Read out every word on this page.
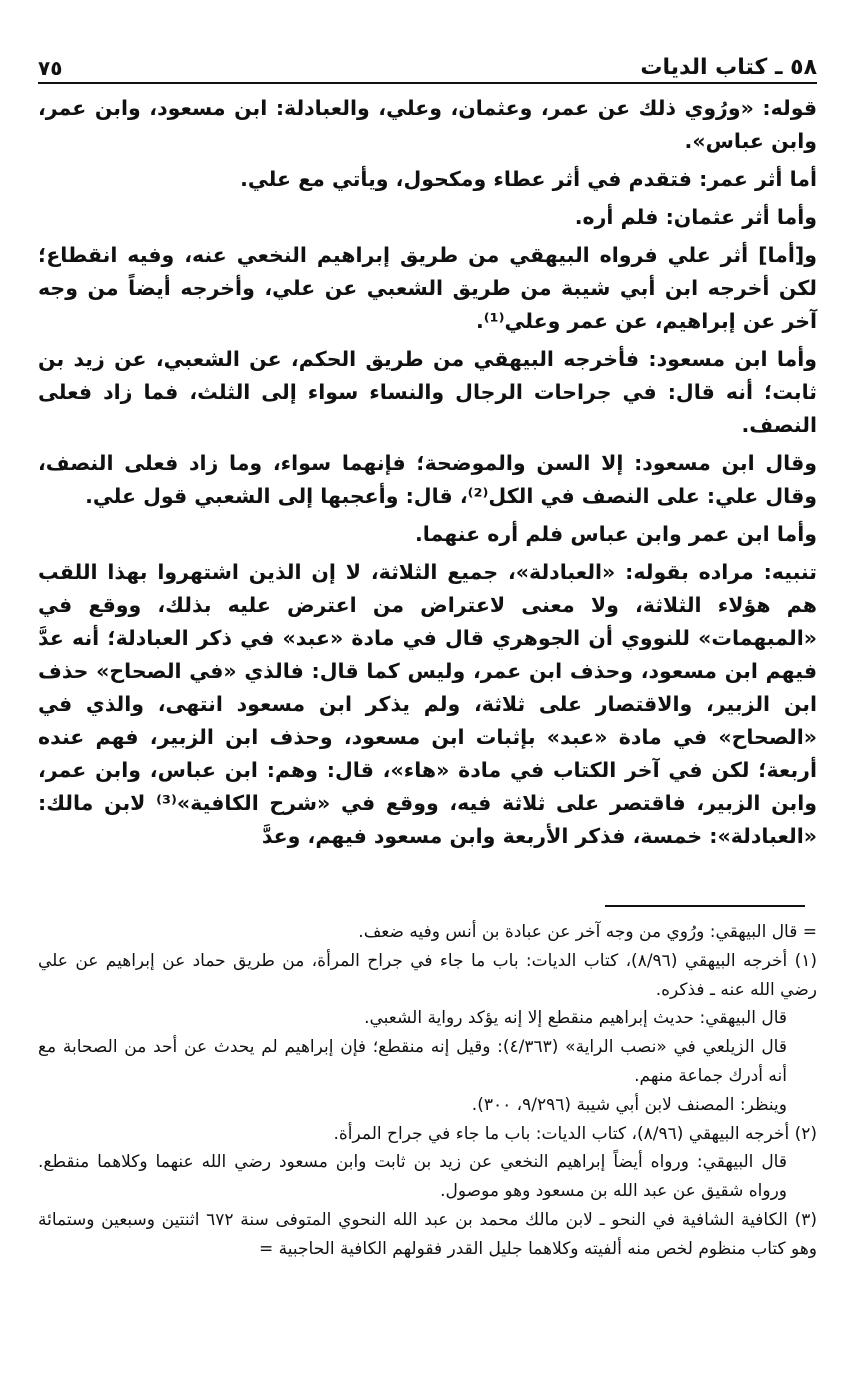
٧٥	٥٨ ـ كتاب الديات

قوله: «ورُوي ذلك عن عمر، وعثمان، وعلي، والعبادلة: ابن مسعود، وابن عمر، وابن عباس».

أما أثر عمر: فتقدم في أثر عطاء ومكحول، ويأتي مع علي.

وأما أثر عثمان: فلم أره.

و[أما] أثر علي فرواه البيهقي من طريق إبراهيم النخعي عنه، وفيه انقطاع؛ لكن أخرجه ابن أبي شيبة من طريق الشعبي عن علي، وأخرجه أيضاً من وجه آخر عن إبراهيم، عن عمر وعلي⁽¹⁾.

وأما ابن مسعود: فأخرجه البيهقي من طريق الحكم، عن الشعبي، عن زيد بن ثابت؛ أنه قال: في جراحات الرجال والنساء سواء إلى الثلث، فما زاد فعلى النصف.

وقال ابن مسعود: إلا السن والموضحة؛ فإنهما سواء، وما زاد فعلى النصف، وقال علي: على النصف في الكل⁽²⁾، قال: وأعجبها إلى الشعبي قول علي.

وأما ابن عمر وابن عباس فلم أره عنهما.

تنبيه: مراده بقوله: «العبادلة»، جميع الثلاثة، لا إن الذين اشتهروا بهذا اللقب هم هؤلاء الثلاثة، ولا معنى لاعتراض من اعترض عليه بذلك، ووقع في «المبهمات» للنووي أن الجوهري قال في مادة «عبد» في ذكر العبادلة؛ أنه عدَّ فيهم ابن مسعود، وحذف ابن عمر، وليس كما قال: فالذي «في الصحاح» حذف ابن الزبير، والاقتصار على ثلاثة، ولم يذكر ابن مسعود انتهى، والذي في «الصحاح» في مادة «عبد» بإثبات ابن مسعود، وحذف ابن الزبير، فهم عنده أربعة؛ لكن في آخر الكتاب في مادة «هاء»، قال: وهم: ابن عباس، وابن عمر، وابن الزبير، فاقتصر على ثلاثة فيه، ووقع في «شرح الكافية»⁽³⁾ لابن مالك: «العبادلة»: خمسة، فذكر الأربعة وابن مسعود فيهم، وعدَّ

= قال البيهقي: ورُوي من وجه آخر عن عبادة بن أنس وفيه ضعف.

(١) أخرجه البيهقي (٨/٩٦)، كتاب الديات: باب ما جاء في جراح المرأة، من طريق حماد عن إبراهيم عن علي رضي الله عنه ـ فذكره.

قال البيهقي: حديث إبراهيم منقطع إلا إنه يؤكد رواية الشعبي.

قال الزيلعي في «نصب الراية» (٤/٣٦٣): وقيل إنه منقطع؛ فإن إبراهيم لم يحدث عن أحد من الصحابة مع أنه أدرك جماعة منهم.

وينظر: المصنف لابن أبي شيبة (٩/٢٩٦، ٣٠٠).

(٢) أخرجه البيهقي (٨/٩٦)، كتاب الديات: باب ما جاء في جراح المرأة.

قال البيهقي: ورواه أيضاً إبراهيم النخعي عن زيد بن ثابت وابن مسعود رضي الله عنهما وكلاهما منقطع. ورواه شقيق عن عبد الله بن مسعود وهو موصول.

(٣) الكافية الشافية في النحو ـ لابن مالك محمد بن عبد الله النحوي المتوفى سنة ٦٧٢ اثنتين وسبعين وستمائة وهو كتاب منظوم لخص منه ألفيته وكلاهما جليل القدر فقولهم الكافية الحاجبية =
